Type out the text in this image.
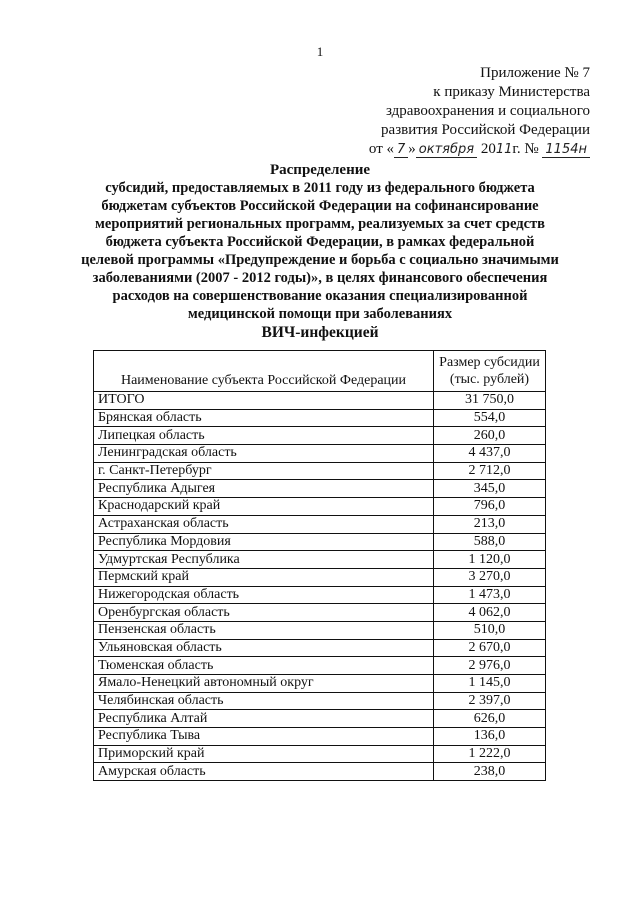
1
Приложение № 7
к приказу Министерства
здравоохранения и социального
развития Российской Федерации
от « 7 » октября 2011г. № 1154н
Распределение
субсидий, предоставляемых в 2011 году из федерального бюджета
бюджетам субъектов Российской Федерации на софинансирование
мероприятий региональных программ, реализуемых за счет средств
бюджета субъекта Российской Федерации, в рамках федеральной
целевой программы «Предупреждение и борьба с социально значимыми
заболеваниями (2007 - 2012 годы)», в целях финансового обеспечения
расходов на совершенствование оказания специализированной
медицинской помощи при заболеваниях
ВИЧ-инфекцией
Наименование субъекта Российской Федерации	Размер субсидии
(тыс. рублей)
ИТОГО	31 750,0
Брянская область	554,0
Липецкая область	260,0
Ленинградская область	4 437,0
г. Санкт-Петербург	2 712,0
Республика Адыгея	345,0
Краснодарский край	796,0
Астраханская область	213,0
Республика Мордовия	588,0
Удмуртская Республика	1 120,0
Пермский край	3 270,0
Нижегородская область	1 473,0
Оренбургская область	4 062,0
Пензенская область	510,0
Ульяновская область	2 670,0
Тюменская область	2 976,0
Ямало-Ненецкий автономный округ	1 145,0
Челябинская область	2 397,0
Республика Алтай	626,0
Республика Тыва	136,0
Приморский край	1 222,0
Амурская область	238,0
